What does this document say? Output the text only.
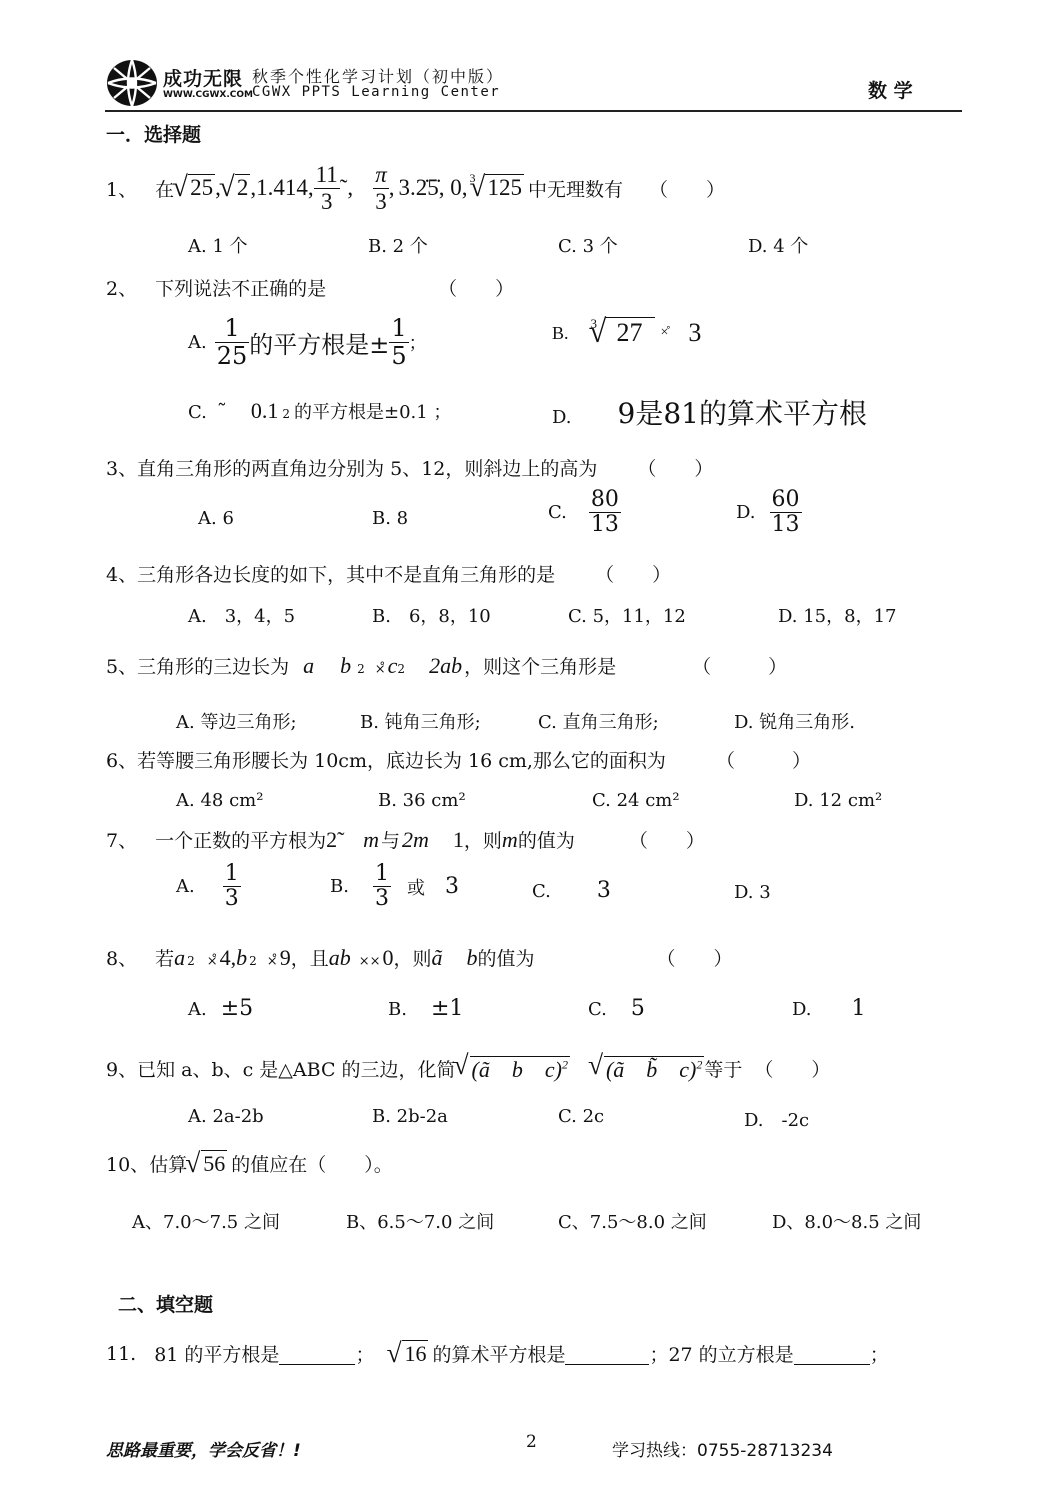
成功无限
WWW.CGWX.COM
秋季个性化学习计划（初中版）
CGWX PPTS Learning Center	数 学
一．选择题
1、 在 √ 25 , √ 2 , 1.414, $\frac{11}{3}$ ˜, $\frac{\pi}{3}$ , 3.25 , 0, 3 √ 125 中无理数有 （　　）
A. 1 个	B. 2 个	C. 3 个	D. 4 个
2、 下列说法不正确的是	（　　）
A. $\frac{1}{25}$ 的平方根是± $\frac{1}{5}$ ；
B. 3 √ 27	×̊ 3
C. ˜ 0.1 2 的平方根是±0.1 ；	D. 9是81的算术平方根
3、直角三角形的两直角边分别为 5、12，则斜边上的高为 （　　）
A. 6	B. 8	C. $\frac{80}{13}$	D. $\frac{60}{13}$
4、三角形各边长度的如下，其中不是直角三角形的是 （　　）
A.　3，4，5	B.　6，8，10	C. 5，11，12	D. 15，8，17
5、 三角形的三边长为 a b 2 ×̊ c 2 2ab ，则这个三角形是	（　　　）
A. 等边三角形;	B. 钝角三角形;	C. 直角三角形;	D. 锐角三角形.
6、若等腰三角形腰长为 10cm，底边长为 16 cm,那么它的面积为	（　　　）
A. 48 cm²	B. 36 cm²	C. 24 cm²	D. 12 cm²
7、 一个正数的平方根为 2̃ m 与 2m 1 ，则 m 的值为	（　　）
A. $\frac{1}{3}$	B. $\frac{1}{3}$ 或 3	C. 3	D. 3
8、 若 a 2 ×̊ 4, b 2 ×̊ 9 ，且 ab ×× 0 ，则 ã b 的值为	（　　）
A. ±5	B. ±1	C. 5	D. 1
9、 已知 a、b、c 是△ABC 的三边，化简 √ (ã　b　c)$^2$	√ (ã　b̃　c)$^2$ 等于 （　　）
A. 2a-2b	B. 2b-2a	C. 2c	D.　-2c
10、 估算 √ 56 的值应在（　　）。
A、7.0～7.5 之间	B、6.5～7.0 之间	C、7.5～8.0 之间	D、8.0～8.5 之间
二、填空题
11. 81 的平方根是	；	√ 16 的算术平方根是	；27 的立方根是	；
思路最重要，学会反省！!	2	学习热线：0755-28713234
